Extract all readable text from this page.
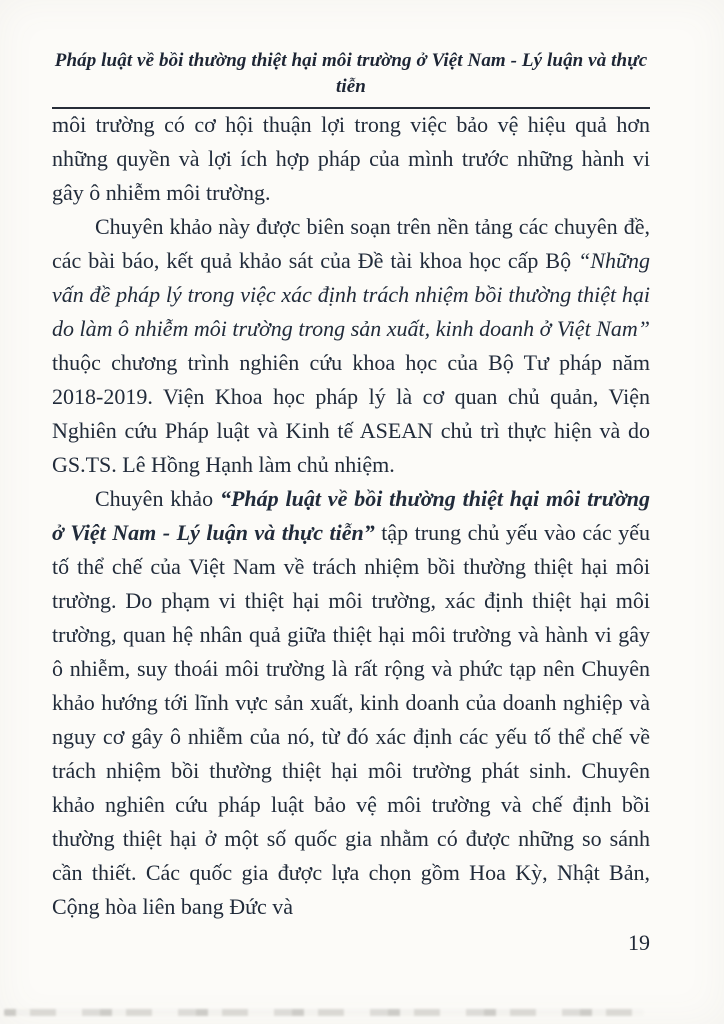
Pháp luật về bồi thường thiệt hại môi trường ở Việt Nam - Lý luận và thực tiễn

môi trường có cơ hội thuận lợi trong việc bảo vệ hiệu quả hơn những quyền và lợi ích hợp pháp của mình trước những hành vi gây ô nhiễm môi trường.

Chuyên khảo này được biên soạn trên nền tảng các chuyên đề, các bài báo, kết quả khảo sát của Đề tài khoa học cấp Bộ “Những vấn đề pháp lý trong việc xác định trách nhiệm bồi thường thiệt hại do làm ô nhiễm môi trường trong sản xuất, kinh doanh ở Việt Nam” thuộc chương trình nghiên cứu khoa học của Bộ Tư pháp năm 2018-2019. Viện Khoa học pháp lý là cơ quan chủ quản, Viện Nghiên cứu Pháp luật và Kinh tế ASEAN chủ trì thực hiện và do GS.TS. Lê Hồng Hạnh làm chủ nhiệm.

Chuyên khảo “Pháp luật về bồi thường thiệt hại môi trường ở Việt Nam - Lý luận và thực tiễn” tập trung chủ yếu vào các yếu tố thể chế của Việt Nam về trách nhiệm bồi thường thiệt hại môi trường. Do phạm vi thiệt hại môi trường, xác định thiệt hại môi trường, quan hệ nhân quả giữa thiệt hại môi trường và hành vi gây ô nhiễm, suy thoái môi trường là rất rộng và phức tạp nên Chuyên khảo hướng tới lĩnh vực sản xuất, kinh doanh của doanh nghiệp và nguy cơ gây ô nhiễm của nó, từ đó xác định các yếu tố thể chế về trách nhiệm bồi thường thiệt hại môi trường phát sinh. Chuyên khảo nghiên cứu pháp luật bảo vệ môi trường và chế định bồi thường thiệt hại ở một số quốc gia nhằm có được những so sánh cần thiết. Các quốc gia được lựa chọn gồm Hoa Kỳ, Nhật Bản, Cộng hòa liên bang Đức và

19
